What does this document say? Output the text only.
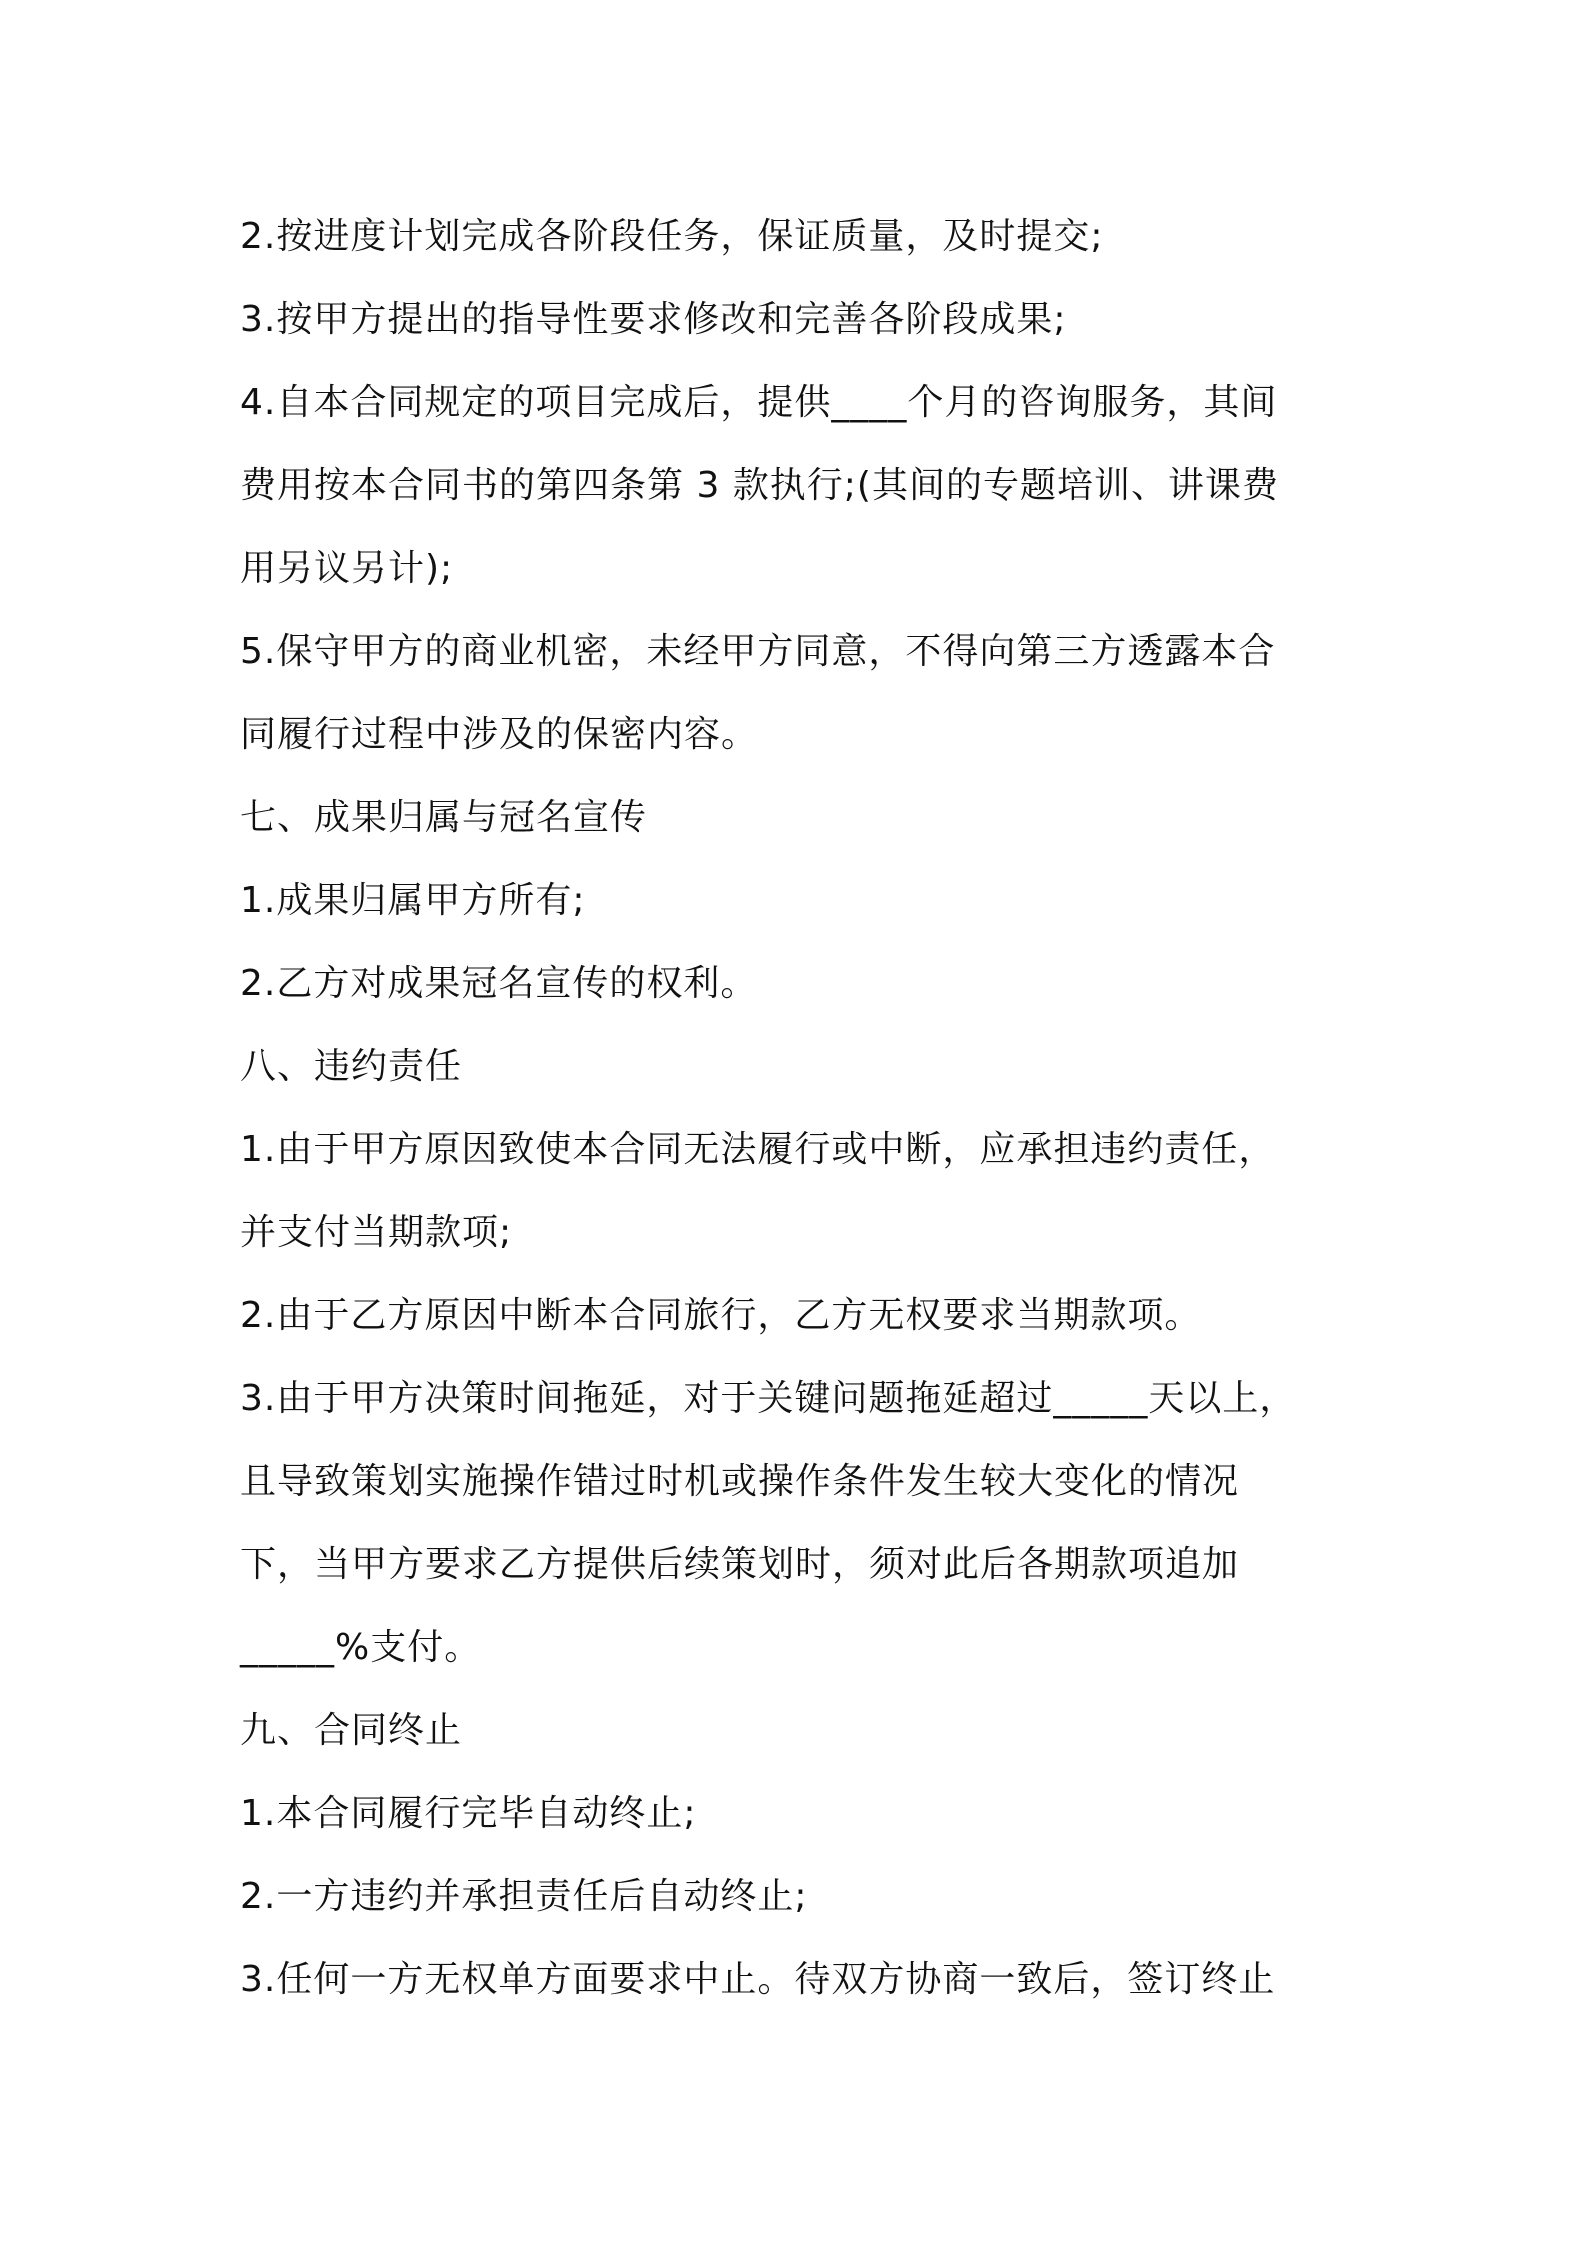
2.按进度计划完成各阶段任务，保证质量，及时提交;
3.按甲方提出的指导性要求修改和完善各阶段成果;
4.自本合同规定的项目完成后，提供____个月的咨询服务，其间
费用按本合同书的第四条第 3 款执行;(其间的专题培训、讲课费
用另议另计);
5.保守甲方的商业机密，未经甲方同意，不得向第三方透露本合
同履行过程中涉及的保密内容。
七、成果归属与冠名宣传
1.成果归属甲方所有;
2.乙方对成果冠名宣传的权利。
八、违约责任
1.由于甲方原因致使本合同无法履行或中断，应承担违约责任，
并支付当期款项;
2.由于乙方原因中断本合同旅行，乙方无权要求当期款项。
3.由于甲方决策时间拖延，对于关键问题拖延超过_____天以上，
且导致策划实施操作错过时机或操作条件发生较大变化的情况
下，当甲方要求乙方提供后续策划时，须对此后各期款项追加
_____%支付。
九、合同终止
1.本合同履行完毕自动终止;
2.一方违约并承担责任后自动终止;
3.任何一方无权单方面要求中止。待双方协商一致后，签订终止
